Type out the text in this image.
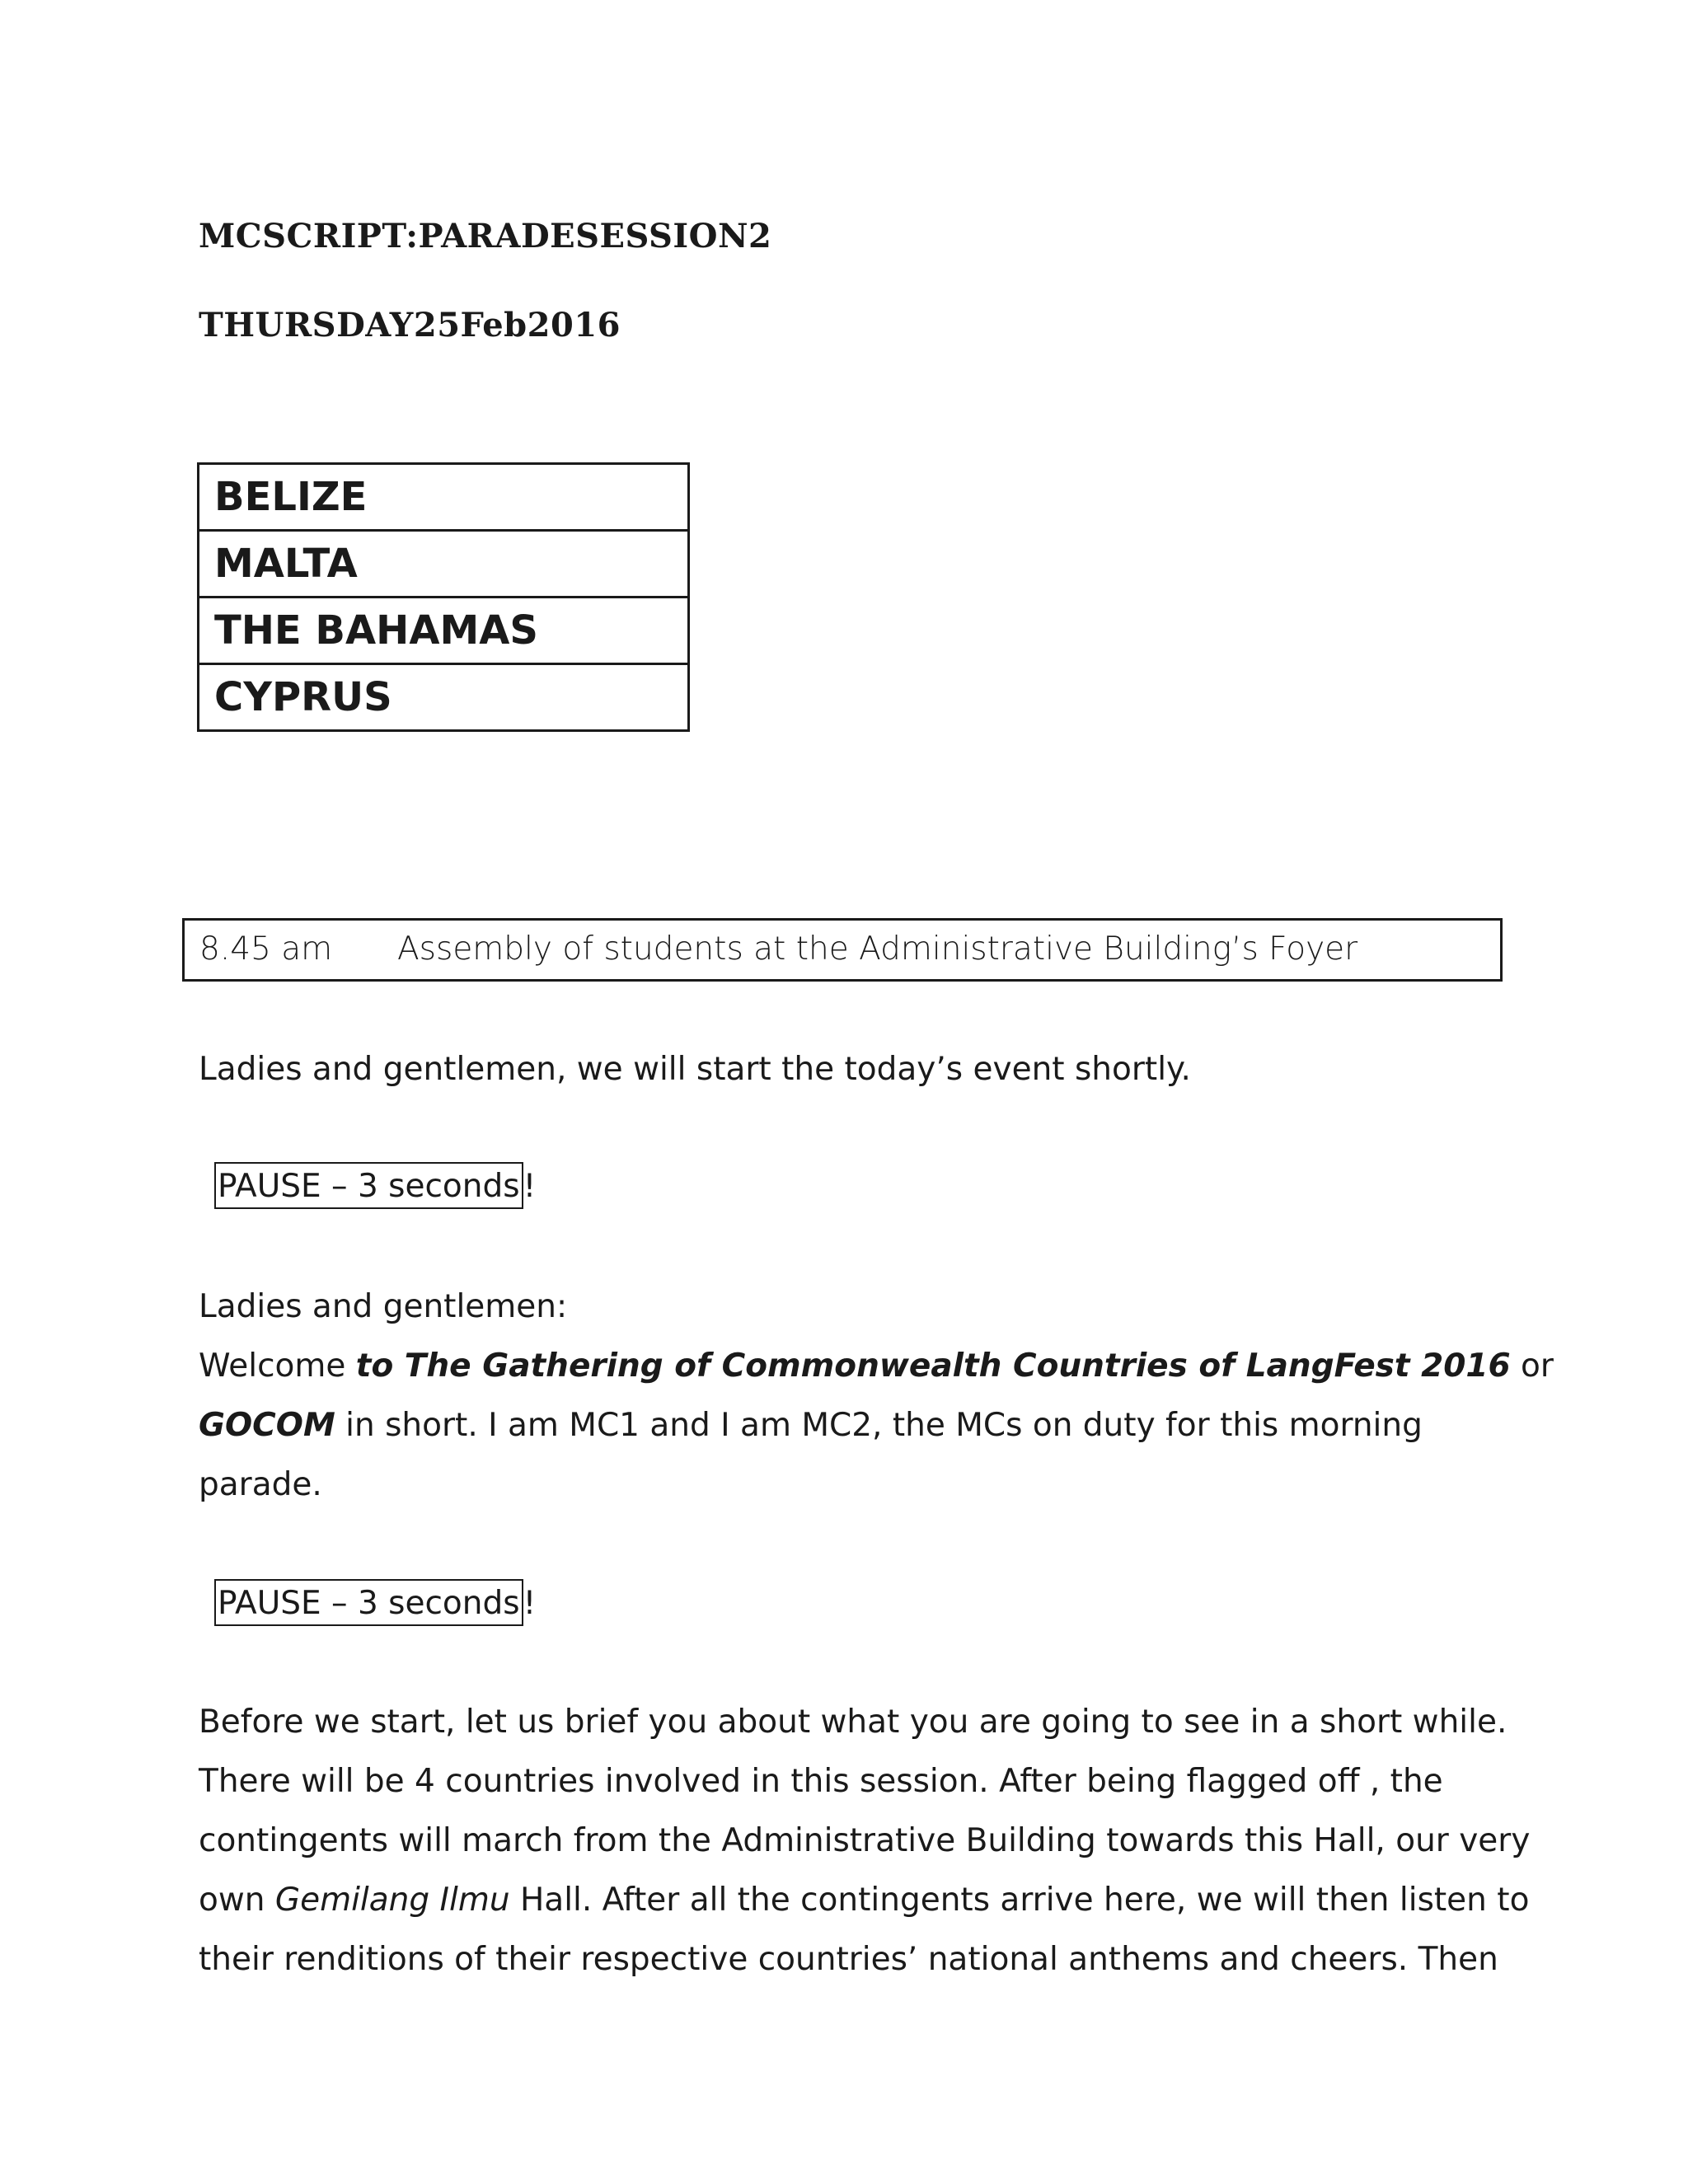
MCSCRIPT:PARADESESSION2
THURSDAY25Feb2016
BELIZE
MALTA
THE BAHAMAS
CYPRUS
8.45 am Assembly of students at the Administrative Building’s Foyer

Ladies and gentlemen, we will start the today’s event shortly.

PAUSE – 3 seconds !

Ladies and gentlemen:

Welcome to The Gathering of Commonwealth Countries of LangFest 2016 or

GOCOM in short. I am MC1 and I am MC2, the MCs on duty for this morning

parade.

PAUSE – 3 seconds !

Before we start, let us brief you about what you are going to see in a short while.

There will be 4 countries involved in this session. After being flagged off , the

contingents will march from the Administrative Building towards this Hall, our very

own Gemilang Ilmu Hall. After all the contingents arrive here, we will then listen to

their renditions of their respective countries’ national anthems and cheers. Then
